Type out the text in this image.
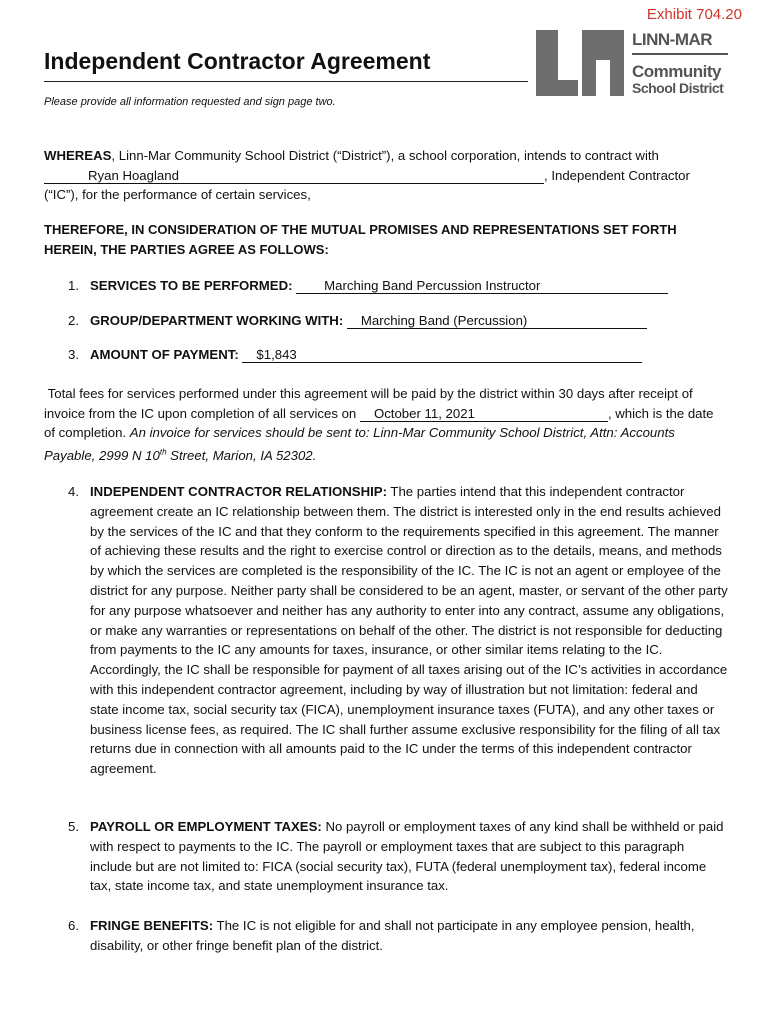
Exhibit 704.20
Independent Contractor Agreement
Please provide all information requested and sign page two.
LINN-MAR
Community
School District
WHEREAS, Linn-Mar Community School District (“District”), a school corporation, intends to contract with
Ryan Hoagland	, Independent Contractor
(“IC”), for the performance of certain services,
THEREFORE, IN CONSIDERATION OF THE MUTUAL PROMISES AND REPRESENTATIONS SET FORTH HEREIN, THE PARTIES AGREE AS FOLLOWS:
1. SERVICES TO BE PERFORMED: Marching Band Percussion Instructor
2. GROUP/DEPARTMENT WORKING WITH: Marching Band (Percussion)
3. AMOUNT OF PAYMENT: $1,843
Total fees for services performed under this agreement will be paid by the district within 30 days after receipt of invoice from the IC upon completion of all services on October 11, 2021	, which is the date of completion. An invoice for services should be sent to: Linn-Mar Community School District, Attn: Accounts Payable, 2999 N 10th Street, Marion, IA 52302.
4. INDEPENDENT CONTRACTOR RELATIONSHIP: The parties intend that this independent contractor agreement create an IC relationship between them. The district is interested only in the end results achieved by the services of the IC and that they conform to the requirements specified in this agreement. The manner of achieving these results and the right to exercise control or direction as to the details, means, and methods by which the services are completed is the responsibility of the IC. The IC is not an agent or employee of the district for any purpose. Neither party shall be considered to be an agent, master, or servant of the other party for any purpose whatsoever and neither has any authority to enter into any contract, assume any obligations, or make any warranties or representations on behalf of the other. The district is not responsible for deducting from payments to the IC any amounts for taxes, insurance, or other similar items relating to the IC. Accordingly, the IC shall be responsible for payment of all taxes arising out of the IC’s activities in accordance with this independent contractor agreement, including by way of illustration but not limitation: federal and state income tax, social security tax (FICA), unemployment insurance taxes (FUTA), and any other taxes or business license fees, as required. The IC shall further assume exclusive responsibility for the filing of all tax returns due in connection with all amounts paid to the IC under the terms of this independent contractor agreement.
5. PAYROLL OR EMPLOYMENT TAXES: No payroll or employment taxes of any kind shall be withheld or paid with respect to payments to the IC. The payroll or employment taxes that are subject to this paragraph include but are not limited to: FICA (social security tax), FUTA (federal unemployment tax), federal income tax, state income tax, and state unemployment insurance tax.
6. FRINGE BENEFITS: The IC is not eligible for and shall not participate in any employee pension, health, disability, or other fringe benefit plan of the district.
